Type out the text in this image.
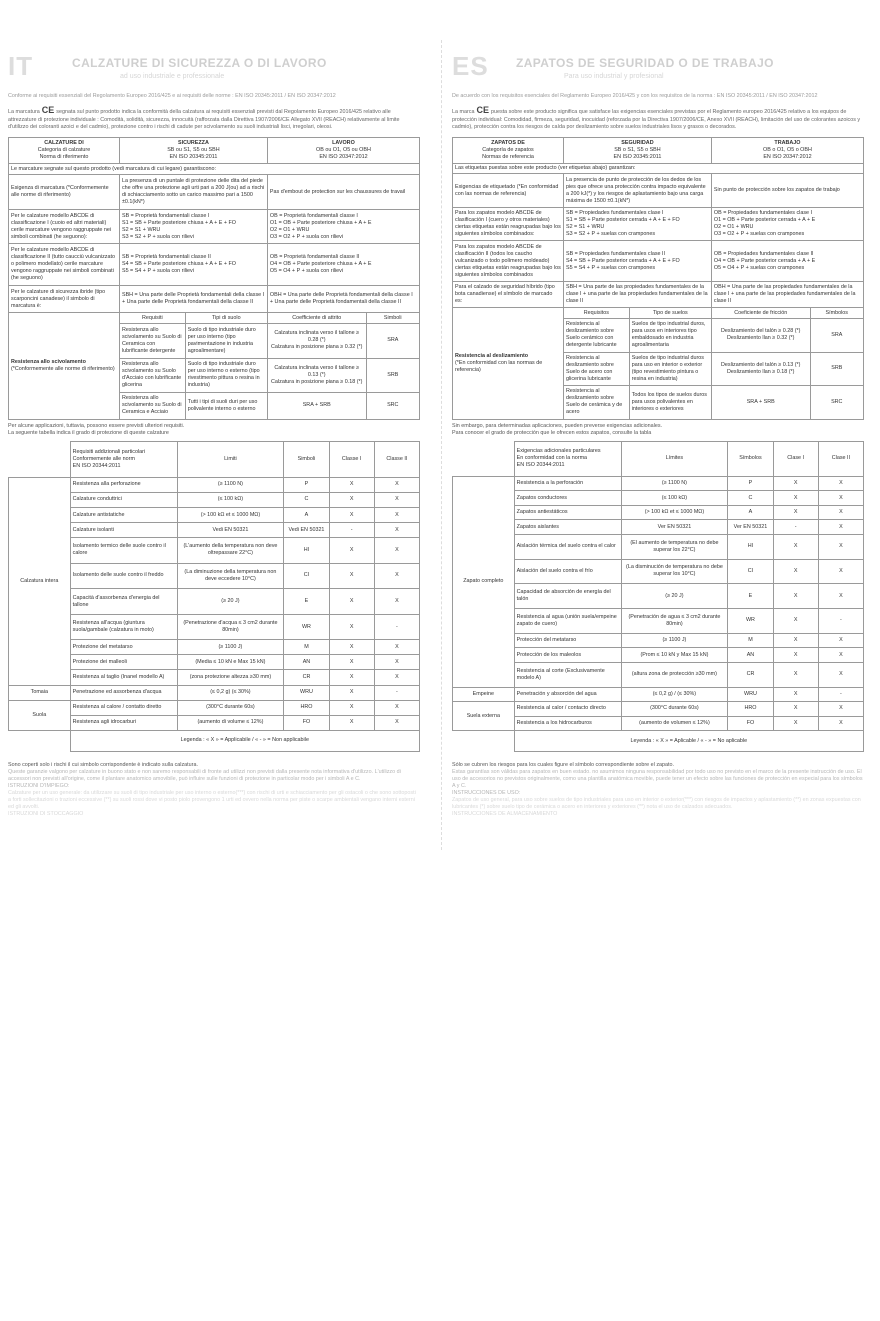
IT	CALZATURE DI SICUREZZA O DI LAVORO
ad uso industriale e professionale
Conforme ai requisiti essenziali del Regolamento Europeo 2016/425 e ai requisiti delle norme : EN ISO 20345:2011 / EN ISO 20347:2012
La marcatura CE segnata sul punto prodotto indica la conformità della calzatura ai requisiti essenziali previsti dal Regolamento Europeo 2016/425 relativo alle attrezzature di protezione individuale : Comodità, solidità, sicurezza, innocuità (rafforzata dalla Direttiva 1907/2006/CE Allegato XVII (REACH) relativamente al limite d'utilizzo dei coloranti azoici e del cadmio), protezione contro i rischi di cadute per scivolamento su suoli industriali lisci, irregolari, oleosi.
CALZATURE DI
Categoria di calzature
Norma di riferimento	SICUREZZA
SB ou S1, S5 ou SBH
EN ISO 20345:2011		LAVORO
OB ou O1, O5 ou OBH
EN ISO 20347:2012	
Le marcature segnate sul questo prodotto (vedi marcatura di cui legare) garantiscono:				
Esigenza di marcatura (*Conformemente alle norme di riferimento)	La presenza di un puntale di protezione delle dita del piede che offre una protezione agli urti pari a 200 J(ou) ad a rischi di schiacciamento sotto un carico massimo pari a 1500 ±0.1(kN*)		Pas d'embout de protection sur les chaussures de travail	
Per le calzature modello ABCDE di classificazione I (cuoio ed altri materiali) cerile marcature vengono raggruppate nei simboli combinati (he seguono):	SB = Proprietà fondamentali classe I
S1 = SB + Parte posteriore chiusa + A + E + FO
S2 = S1 + WRU
S3 = S2 + P + suola con rilievi		OB = Proprietà fondamentali classe I
O1 = OB + Parte posteriore chiusa + A + E
O2 = O1 + WRU
O3 = O2 + P + suola con rilievi	
Per le calzature modello ABCDE di classificazione II (tutto caucciù vulcanizzato o polimero modellato) cerile marcature vengono raggruppate nei simboli combinati (he seguono)	SB = Proprietà fondamentali classe II
S4 = SB + Parte posteriore chiusa + A + E + FO
S5 = S4 + P + suola con rilievi		OB = Proprietà fondamentali classe II
O4 = OB + Parte posteriore chiusa + A + E
O5 = O4 + P + suola con rilievi	
Per le calzature di sicurezza ibride (tipo scarponcini canadese) il simbolo di marcatura è:	SBH = Una parte delle Proprietà fondamentali della classe I + Una parte delle Proprietà fondamentali della classe II		OBH = Una parte delle Proprietà fondamentali della classe I + Una parte delle Proprietà fondamentali della classe II	
Resistenza allo scivolamento
(*Conformemente alle norme di riferimento)	Requisiti	Tipi di suolo	Coefficiente di attrito	Simboli
	Resistenza allo scivolamento su Suolo di Ceramica con lubrificante detergente	Suolo di tipo industriale duro per uso interno (tipo pavimentazione in industria agroalimentare)	Calzatura inclinata verso il tallone ≥ 0.28 (*)
Calzatura in posizione piana ≥ 0.32 (*)	SRA
	Resistenza allo scivolamento su Suolo d'Acciaio con lubrificante glicerina	Suolo di tipo industriale duro per uso interno o esterno (tipo rivestimento pittura o resina in industria)	Calzatura inclinata verso il tallone ≥ 0.13 (*)
Calzatura in posizione piana ≥ 0.18 (*)	SRB
	Resistenza allo scivolamento su Suolo di Ceramica e Acciaio	Tutti i tipi di suoli duri per uso polivalente interno o esterno	SRA + SRB	SRC
Per alcune applicazioni, tuttavia, possono essere previsti ulteriori requisiti.
La seguente tabella indica il grado di protezione di queste calzature
	Requisiti addizionali particolari
Conformemente alle norm
EN ISO 20344:2011	Limiti	Simboli	Classe I	Classe II
Calzatura intera	Resistenza alla perforazione	(≥ 1100 N)	P	X	X
	Calzature conduttrici	(≤ 100 kΩ)	C	X	X
	Calzature antistatiche	(> 100 kΩ et ≤ 1000 MΩ)	A	X	X
	Calzature isolanti	Vedi EN 50321	Vedi EN 50321	-	X
	Isolamento termico delle suole contro il calore	(L'aumento della temperatura non deve oltrepassare 22°C)	HI	X	X
	Isolamento delle suole contro il freddo	(La diminuzione della temperatura non deve eccedere 10°C)	CI	X	X
	Capacità d'assorbenza d'energia del tallone	(≥ 20 J)	E	X	X
	Resistenza all'acqua (giuntura suola/gambale (calzatura in moto)	(Penetrazione d'acqua ≤ 3 cm2 durante 80min)	WR	X	-
	Protezione del metatarso	(≥ 1100 J)	M	X	X
	Protezione dei malleoli	(Media ≤ 10 kN e Max 15 kN)	AN	X	X
	Resistenza al taglio (Inanel modello A)	(zona protezione altezza ≥30 mm)	CR	X	X
Tomaia	Penetrazione ed assorbenza d'acqua	(≤ 0,2 g) (≤ 30%)	WRU	X	-
Suola	Resistenza al calore / contatto diretto	(300°C durante 60s)	HRO	X	X
	Resistenza agli idrocarburi	(aumento di volume ≤ 12%)	FO	X	X
	Legenda : « X » = Applicabile / « - » = Non applicabile				
Sono coperti solo i rischi il cui simbolo corrispondente è indicato sulla calzatura.
Queste garanzie valgono per calzature in buono stato e non saremo responsabili di fronte ad utilizzi non previsti dalla presente nota informativa d'utilizzo. L'utilizzo di accessori non previsti all'origine, come il plantare anatomico amovibile, può influire sulle funzioni di protezione in particolar modo per i simboli A e C.
ISTRUZIONI D'IMPIEGO:
Calzature per un uso generale: da utilizzare su suoli di tipo industriale per uso interno o esterno(***) con rischi di urti e schiacciamento per gli ostacoli o che sono sottoposti a forti sollecitazioni o trazioni eccessive (**) su suoli rossi dove vi posto piolo provengono 1 urti ed ovvero nella norma per piste o scarpe ambientali vengano interni esterni ed gli avvolti.
ISTRUZIONI DI STOCCAGGIO
ES ZAPATOS DE SEGURIDAD O DE TRABAJO
Para uso industrial y profesional
De acuerdo con los requisitos esenciales del Reglamento Europeo 2016/425 y con los requisitos de la norma : EN ISO 20345:2011 / EN ISO 20347:2012
La marca CE puesta sobre este producto significa que satisface las exigencias esenciales previstas por el Reglamento europeo 2016/425 relativo a los equipos de protección individual: Comodidad, firmeza, seguridad, inocuidad (reforzada por la Directiva 1907/2006/CE, Anexo XVII (REACH), limitación del uso de colorantes azoicos y cadmio), protección contra los riesgos de caída por deslizamiento sobre suelos industriales lisos y grasos o decorados.
ZAPATOS DE
Categoría de zapatos
Normas de referencia	SEGURIDAD
SB o S1, S5 o SBH
EN ISO 20345:2011		TRABAJO
OB o O1, O5 o OBH
EN ISO 20347:2012	
Las etiquetas puestas sobre este producto (ver etiquetas abajo) garantizan:				
Exigencias de etiquetado (*En conformidad con las normas de referencia)	La presencia de punto de protección de los dedos de los pies que ofrece una protección contra impacto equivalente a 200 kJ(*) y los riesgos de aplastamiento bajo una carga máxima de 1500 ±0.1(kN*)		Sin punto de protección sobre los zapatos de trabajo	
Para los zapatos modelo ABCDE de clasificación I (cuero y otros materiales) ciertas etiquetas están reagrupadas bajo los siguientes símbolos combinados:	SB = Propiedades fundamentales clase I
S1 = SB + Parte posterior cerrada + A + E + FO
S2 = S1 + WRU
S3 = S2 + P + suelas con crampones		OB = Propiedades fundamentales clase I
O1 = OB + Parte posterior cerrada + A + E
O2 = O1 + WRU
O3 = O2 + P + suelas con crampones	
Para los zapatos modelo ABCDE de clasificación II (todos los caucho vulcanizado o todo polímero moldeado) ciertas etiquetas están reagrupadas bajo los siguientes símbolos combinados	SB = Propiedades fundamentales clase II
S4 = SB + Parte posterior cerrada + A + E + FO
S5 = S4 + P + suelas con crampones		OB = Propiedades fundamentales clase II
O4 = OB + Parte posterior cerrada + A + E
O5 = O4 + P + suelas con crampones	
Para el calzado de seguridad híbrido (tipo bota canadiense) el símbolo de marcado es:	SBH = Una parte de las propiedades fundamentales de la clase I + una parte de las propiedades fundamentales de la clase II		OBH = Una parte de las propiedades fundamentales de la clase I + una parte de las propiedades fundamentales de la clase II	
Resistencia al deslizamiento
(*En conformidad con las normas de referencia)	Requisitos	Tipo de suelos	Coeficiente de fricción	Símbolos
	Resistencia al deslizamiento sobre Suelo cerámico con detergente lubricante	Suelos de tipo industrial duros, para usos en interiores tipo embaldosado en industria agroalimentaria	Deslizamiento del talón ≥ 0.28 (*)
Deslizamiento llan ≥ 0.32 (*)	SRA
	Resistencia al deslizamiento sobre Suelo de acero con glicerina lubricante	Suelos de tipo industrial duros para uso en interior o exterior (tipo revestimiento pintura o resina en industria)	Deslizamiento del talón ≥ 0.13 (*)
Deslizamiento llan ≥ 0.18 (*)	SRB
	Resistencia al deslizamiento sobre Suelo de cerámica y de acero	Todos los tipos de suelos duros para usos polivalentes en interiores o exteriores	SRA + SRB	SRC
Sin embargo, para determinadas aplicaciones, pueden preverse exigencias adicionales.
Para conocer el grado de protección que le ofrecen estos zapatos, consulte la tabla
	Exigencias adicionales particulares
En conformidad con la norma
EN ISO 20344:2011	Límites	Símbolos	Clase I	Clase II
Zapato completo	Resistencia a la perforación	(≥ 1100 N)	P	X	X
	Zapatos conductores	(≤ 100 kΩ)	C	X	X
	Zapatos antiestáticos	(> 100 kΩ et ≤ 1000 MΩ)	A	X	X
	Zapatos aislantes	Ver EN 50321	Ver EN 50321	-	X
	Aislación térmica del suelo contra el calor	(El aumento de temperatura no debe superar los 22°C)	HI	X	X
	Aislación del suelo contra el frío	(La disminución de temperatura no debe superar los 10°C)	CI	X	X
	Capacidad de absorción de energía del talón	(≥ 20 J)	E	X	X
	Resistencia al agua (unión suela/empeine zapato de cuero)	(Penetración de agua ≤ 3 cm2 durante 80min)	WR	X	-
	Protección del metatarso	(≥ 1100 J)	M	X	X
	Protección de los maleolos	(Prom ≤ 10 kN y Max 15 kN)	AN	X	X
	Resistencia al corte (Exclusivamente modelo A)	(altura zona de protección ≥30 mm)	CR	X	X
Empeine	Penetración y absorción del agua	(≤ 0,2 g) / (≤ 30%)	WRU	X	-
Suela externa	Resistencia al calor / contacto directo	(300°C durante 60s)	HRO	X	X
	Resistencia a los hidrocarburos	(aumento de volumen ≤ 12%)	FO	X	X
	Leyenda : « X » = Aplicable / « - » = No aplicable				
Sólo se cubren los riesgos para los cuales figure el símbolo correspondiente sobre el zapato.
Estas garantías son válidas para zapatos en buen estado. no asumimos ninguna responsabilidad por todo uso no previsto en el marco de la presente instrucción de uso. El uso de accesorios no previstos originalmente, como una plantilla anatómica movible, puede tener un efecto sobre las funciones de protección en especial para los símbolos A y C.
INSTRUCCIONES DE USO:
Zapatos de uso general, para uso sobre suelos de tipo industriales para uso en interior o exterior(***) con riesgos de impactos y aplastamiento (**) en zonas expuestas con lubricantes (*) sobre suelo tipo de cerámica o acero en interiores y exteriores (**) nota el uso de calzados adecuados.
INSTRUCCIONES DE ALMACENAMIENTO
